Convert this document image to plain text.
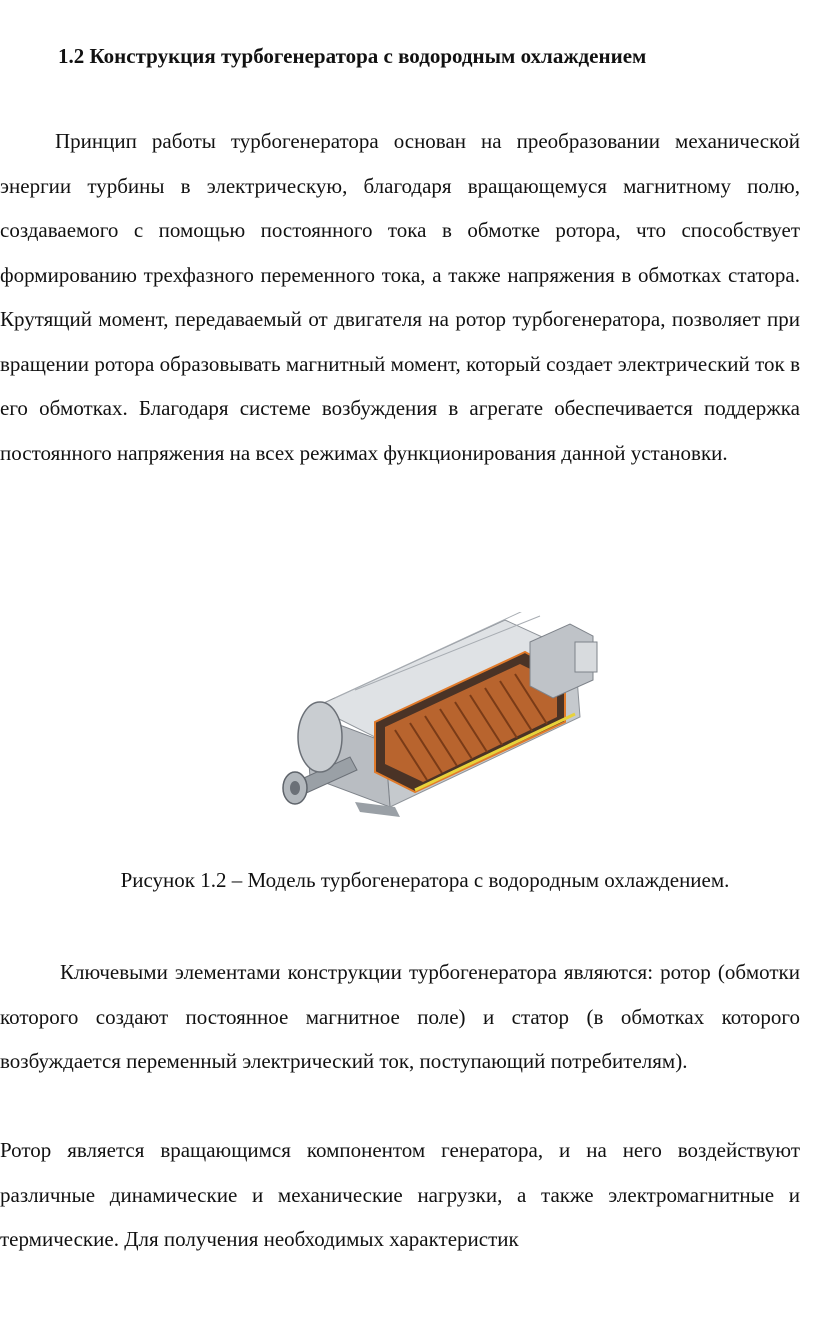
1.2 Конструкция турбогенератора с водородным охлаждением

Принцип работы турбогенератора основан на преобразовании механической энергии турбины в электрическую, благодаря вращающемуся магнитному полю, создаваемого с помощью постоянного тока в обмотке ротора, что способствует формированию трехфазного переменного тока, а также напряжения в обмотках статора. Крутящий момент, передаваемый от двигателя на ротор турбогенератора, позволяет при вращении ротора образовывать магнитный момент, который создает электрический ток в его обмотках. Благодаря системе возбуждения в агрегате обеспечивается поддержка постоянного напряжения на всех режимах функционирования данной установки.

Рисунок 1.2 – Модель турбогенератора с водородным охлаждением.

Ключевыми элементами конструкции турбогенератора являются: ротор (обмотки которого создают постоянное магнитное поле) и статор (в обмотках которого возбуждается переменный электрический ток, поступающий потребителям).

Ротор является вращающимся компонентом генератора, и на него воздействуют различные динамические и механические нагрузки, а также электромагнитные и термические. Для получения необходимых характеристик
